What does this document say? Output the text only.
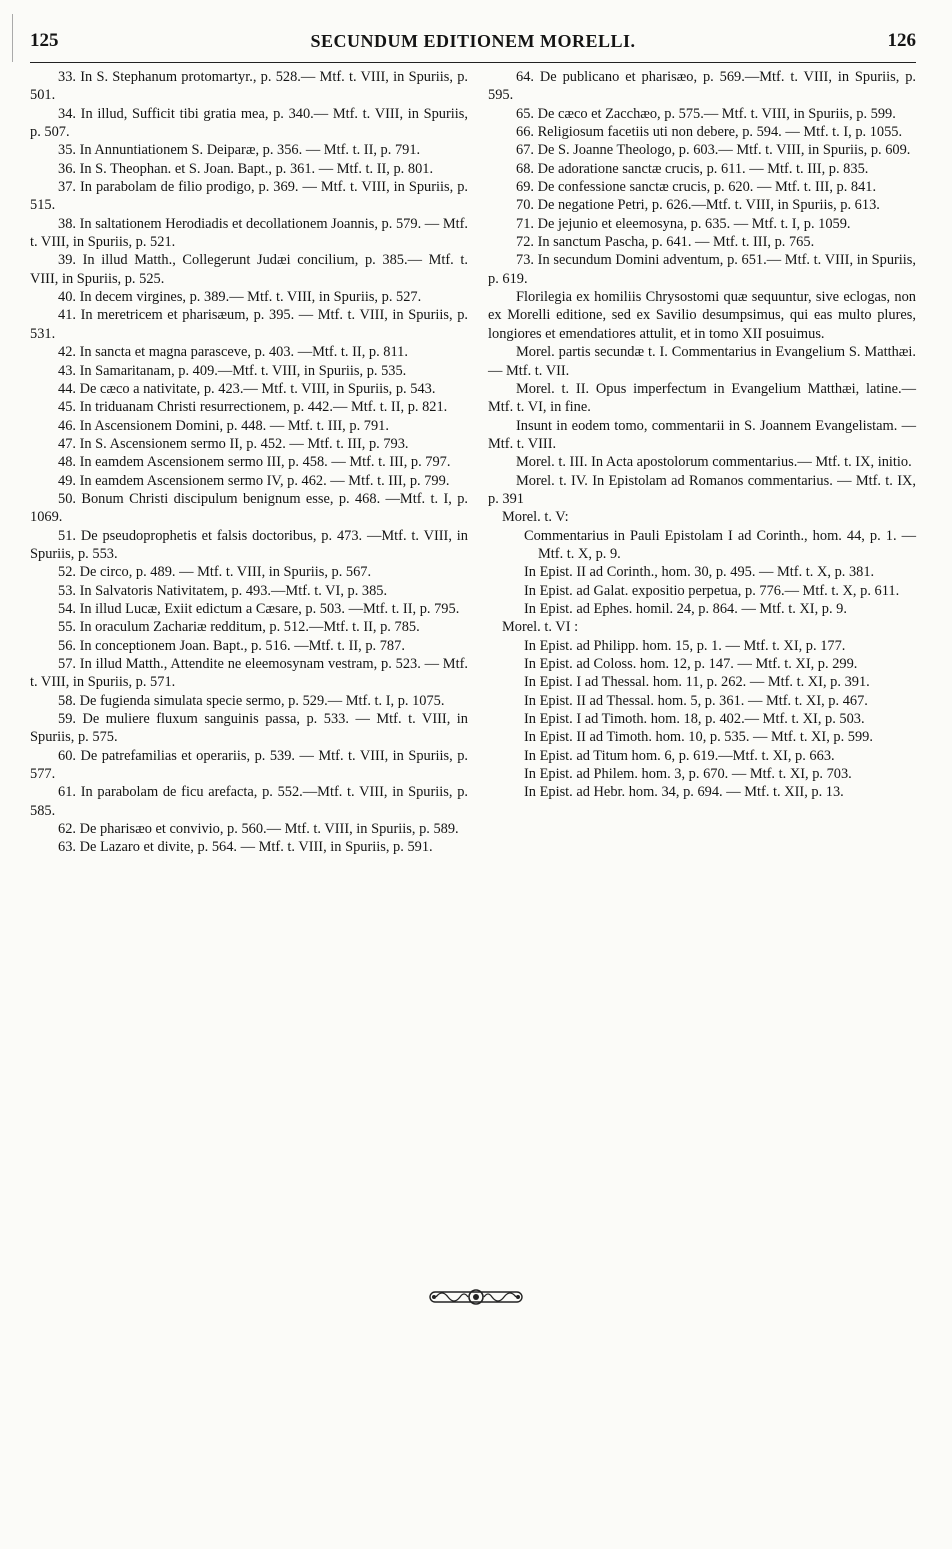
125	SECUNDUM EDITIONEM MORELLI.	126

33. In S. Stephanum protomartyr., p. 528.— Mtf. t. VIII, in Spuriis, p. 501.

34. In illud, Sufficit tibi gratia mea, p. 340.— Mtf. t. VIII, in Spuriis, p. 507.

35. In Annuntiationem S. Deiparæ, p. 356. — Mtf. t. II, p. 791.

36. In S. Theophan. et S. Joan. Bapt., p. 361. — Mtf. t. II, p. 801.

37. In parabolam de filio prodigo, p. 369. — Mtf. t. VIII, in Spuriis, p. 515.

38. In saltationem Herodiadis et decollationem Joannis, p. 579. — Mtf. t. VIII, in Spuriis, p. 521.

39. In illud Matth., Collegerunt Judæi concilium, p. 385.— Mtf. t. VIII, in Spuriis, p. 525.

40. In decem virgines, p. 389.— Mtf. t. VIII, in Spuriis, p. 527.

41. In meretricem et pharisæum, p. 395. — Mtf. t. VIII, in Spuriis, p. 531.

42. In sancta et magna parasceve, p. 403. —Mtf. t. II, p. 811.

43. In Samaritanam, p. 409.—Mtf. t. VIII, in Spuriis, p. 535.

44. De cæco a nativitate, p. 423.— Mtf. t. VIII, in Spuriis, p. 543.

45. In triduanam Christi resurrectionem, p. 442.— Mtf. t. II, p. 821.

46. In Ascensionem Domini, p. 448. — Mtf. t. III, p. 791.

47. In S. Ascensionem sermo II, p. 452. — Mtf. t. III, p. 793.

48. In eamdem Ascensionem sermo III, p. 458. — Mtf. t. III, p. 797.

49. In eamdem Ascensionem sermo IV, p. 462. — Mtf. t. III, p. 799.

50. Bonum Christi discipulum benignum esse, p. 468. —Mtf. t. I, p. 1069.

51. De pseudoprophetis et falsis doctoribus, p. 473. —Mtf. t. VIII, in Spuriis, p. 553.

52. De circo, p. 489. — Mtf. t. VIII, in Spuriis, p. 567.

53. In Salvatoris Nativitatem, p. 493.—Mtf. t. VI, p. 385.

54. In illud Lucæ, Exiit edictum a Cæsare, p. 503. —Mtf. t. II, p. 795.

55. In oraculum Zachariæ redditum, p. 512.—Mtf. t. II, p. 785.

56. In conceptionem Joan. Bapt., p. 516. —Mtf. t. II, p. 787.

57. In illud Matth., Attendite ne eleemosynam vestram, p. 523. — Mtf. t. VIII, in Spuriis, p. 571.

58. De fugienda simulata specie sermo, p. 529.— Mtf. t. I, p. 1075.

59. De muliere fluxum sanguinis passa, p. 533. — Mtf. t. VIII, in Spuriis, p. 575.

60. De patrefamilias et operariis, p. 539. — Mtf. t. VIII, in Spuriis, p. 577.

61. In parabolam de ficu arefacta, p. 552.—Mtf. t. VIII, in Spuriis, p. 585.

62. De pharisæo et convivio, p. 560.— Mtf. t. VIII, in Spuriis, p. 589.

63. De Lazaro et divite, p. 564. — Mtf. t. VIII, in Spuriis, p. 591.

64. De publicano et pharisæo, p. 569.—Mtf. t. VIII, in Spuriis, p. 595.

65. De cæco et Zacchæo, p. 575.— Mtf. t. VIII, in Spuriis, p. 599.

66. Religiosum facetiis uti non debere, p. 594. — Mtf. t. I, p. 1055.

67. De S. Joanne Theologo, p. 603.— Mtf. t. VIII, in Spuriis, p. 609.

68. De adoratione sanctæ crucis, p. 611. — Mtf. t. III, p. 835.

69. De confessione sanctæ crucis, p. 620. — Mtf. t. III, p. 841.

70. De negatione Petri, p. 626.—Mtf. t. VIII, in Spuriis, p. 613.

71. De jejunio et eleemosyna, p. 635. — Mtf. t. I, p. 1059.

72. In sanctum Pascha, p. 641. — Mtf. t. III, p. 765.

73. In secundum Domini adventum, p. 651.— Mtf. t. VIII, in Spuriis, p. 619.

Florilegia ex homiliis Chrysostomi quæ sequuntur, sive eclogas, non ex Morelli editione, sed ex Savilio desumpsimus, qui eas multo plures, longiores et emendatiores attulit, et in tomo XII posuimus.

Morel. partis secundæ t. I. Commentarius in Evangelium S. Matthæi.— Mtf. t. VII.

Morel. t. II. Opus imperfectum in Evangelium Matthæi, latine.— Mtf. t. VI, in fine.

Insunt in eodem tomo, commentarii in S. Joannem Evangelistam. — Mtf. t. VIII.

Morel. t. III. In Acta apostolorum commentarius.— Mtf. t. IX, initio.

Morel. t. IV. In Epistolam ad Romanos commentarius. — Mtf. t. IX, p. 391

Morel. t. V:

Commentarius in Pauli Epistolam I ad Corinth., hom. 44, p. 1. —Mtf. t. X, p. 9.

In Epist. II ad Corinth., hom. 30, p. 495. — Mtf. t. X, p. 381.

In Epist. ad Galat. expositio perpetua, p. 776.— Mtf. t. X, p. 611.

In Epist. ad Ephes. homil. 24, p. 864. — Mtf. t. XI, p. 9.

Morel. t. VI :

In Epist. ad Philipp. hom. 15, p. 1. — Mtf. t. XI, p. 177.

In Epist. ad Coloss. hom. 12, p. 147. — Mtf. t. XI, p. 299.

In Epist. I ad Thessal. hom. 11, p. 262. — Mtf. t. XI, p. 391.

In Epist. II ad Thessal. hom. 5, p. 361. — Mtf. t. XI, p. 467.

In Epist. I ad Timoth. hom. 18, p. 402.— Mtf. t. XI, p. 503.

In Epist. II ad Timoth. hom. 10, p. 535. — Mtf. t. XI, p. 599.

In Epist. ad Titum hom. 6, p. 619.—Mtf. t. XI, p. 663.

In Epist. ad Philem. hom. 3, p. 670. — Mtf. t. XI, p. 703.

In Epist. ad Hebr. hom. 34, p. 694. — Mtf. t. XII, p. 13.
